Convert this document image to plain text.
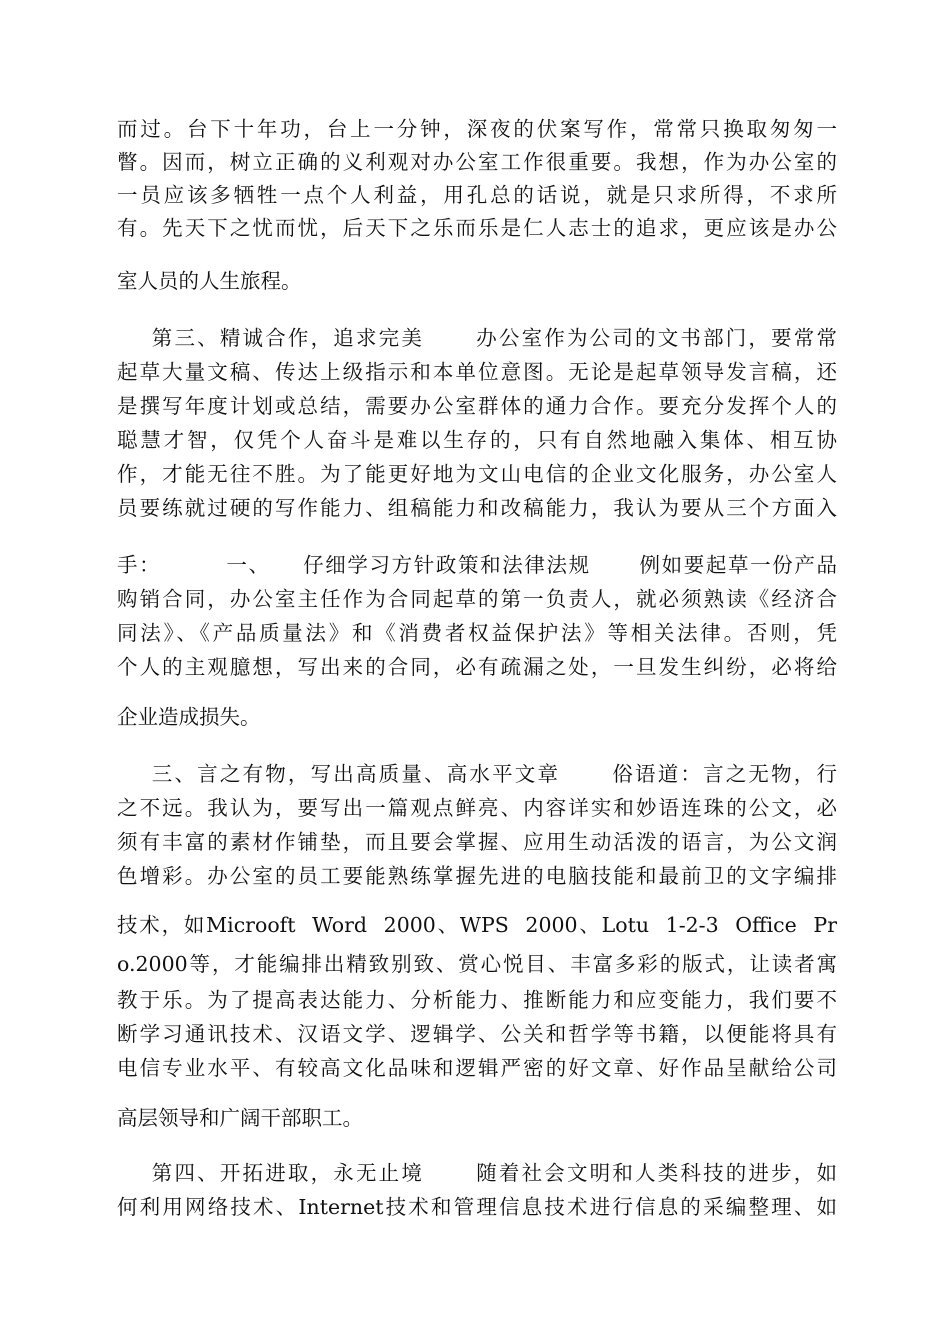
而过。台下十年功，台上一分钟，深夜的伏案写作，常常只换取匆匆一

瞥。因而，树立正确的义利观对办公室工作很重要。我想，作为办公室的

一员应该多牺牲一点个人利益，用孔总的话说，就是只求所得，不求所

有。先天下之忧而忧，后天下之乐而乐是仁人志士的追求，更应该是办公

室人员的人生旅程。

第三、精诚合作，追求完美      办公室作为公司的文书部门，要常常

起草大量文稿、传达上级指示和本单位意图。无论是起草领导发言稿，还

是撰写年度计划或总结，需要办公室群体的通力合作。要充分发挥个人的

聪慧才智，仅凭个人奋斗是难以生存的，只有自然地融入集体、相互协

作，才能无往不胜。为了能更好地为文山电信的企业文化服务，办公室人

员要练就过硬的写作能力、组稿能力和改稿能力，我认为要从三个方面入

手：        一、    仔细学习方针政策和法律法规      例如要起草一份产品

购销合同，办公室主任作为合同起草的第一负责人，就必须熟读《经济合

同法》、《产品质量法》和《消费者权益保护法》等相关法律。否则，凭

个人的主观臆想，写出来的合同，必有疏漏之处，一旦发生纠纷，必将给

企业造成损失。

三、言之有物，写出高质量、高水平文章      俗语道：言之无物，行

之不远。我认为，要写出一篇观点鲜亮、内容详实和妙语连珠的公文，必

须有丰富的素材作铺垫，而且要会掌握、应用生动活泼的语言，为公文润

色增彩。办公室的员工要能熟练掌握先进的电脑技能和最前卫的文字编排

技术，如Microoft  Word  2000、WPS  2000、Lotu  1-2-3  Office  Pr

o.2000等，才能编排出精致别致、赏心悦目、丰富多彩的版式，让读者寓

教于乐。为了提高表达能力、分析能力、推断能力和应变能力，我们要不

断学习通讯技术、汉语文学、逻辑学、公关和哲学等书籍，以便能将具有

电信专业水平、有较高文化品味和逻辑严密的好文章、好作品呈献给公司

高层领导和广阔干部职工。

第四、开拓进取，永无止境      随着社会文明和人类科技的进步，如

何利用网络技术、Internet技术和管理信息技术进行信息的采编整理、如
